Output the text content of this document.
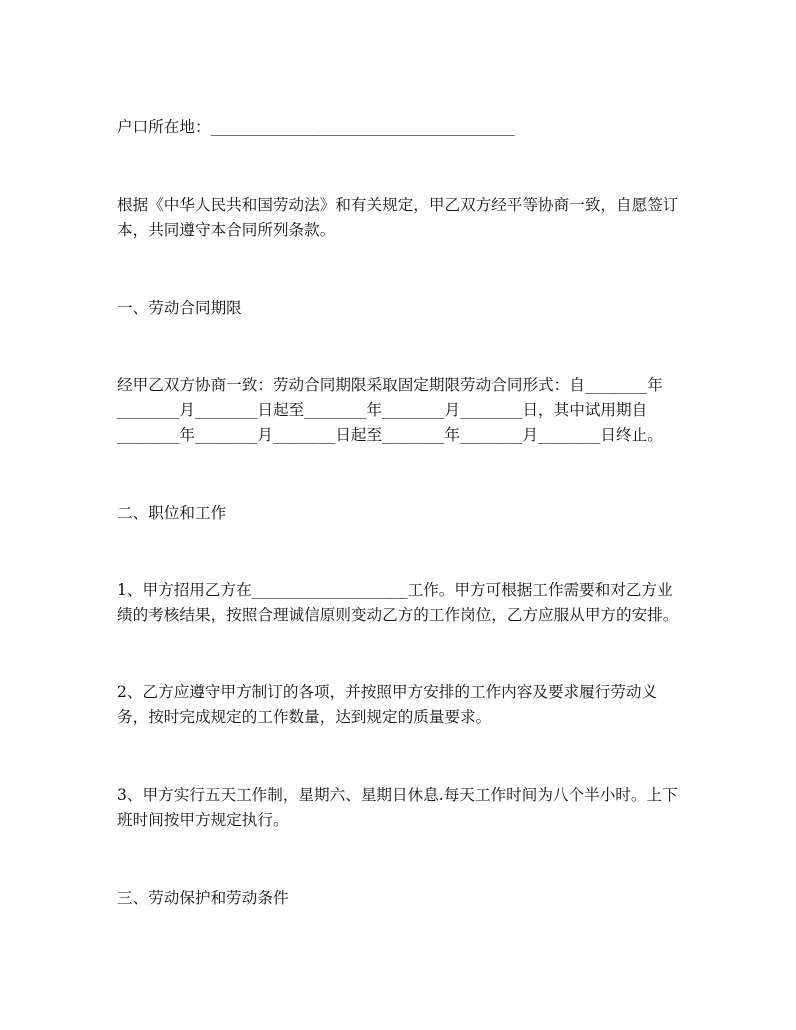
户口所在地：_______________________________________
根据《中华人民共和国劳动法》和有关规定，甲乙双方经平等协商一致，自愿签订
本，共同遵守本合同所列条款。
一、劳动合同期限
经甲乙双方协商一致：劳动合同期限采取固定期限劳动合同形式：自________年
________月________日起至________年________月________日，其中试用期自
________年________月________日起至________年________月________日终止。
二、职位和工作
1、甲方招用乙方在____________________工作。甲方可根据工作需要和对乙方业
绩的考核结果，按照合理诚信原则变动乙方的工作岗位，乙方应服从甲方的安排。
2、乙方应遵守甲方制订的各项，并按照甲方安排的工作内容及要求履行劳动义
务，按时完成规定的工作数量，达到规定的质量要求。
3、甲方实行五天工作制，星期六、星期日休息.每天工作时间为八个半小时。上下
班时间按甲方规定执行。
三、劳动保护和劳动条件
